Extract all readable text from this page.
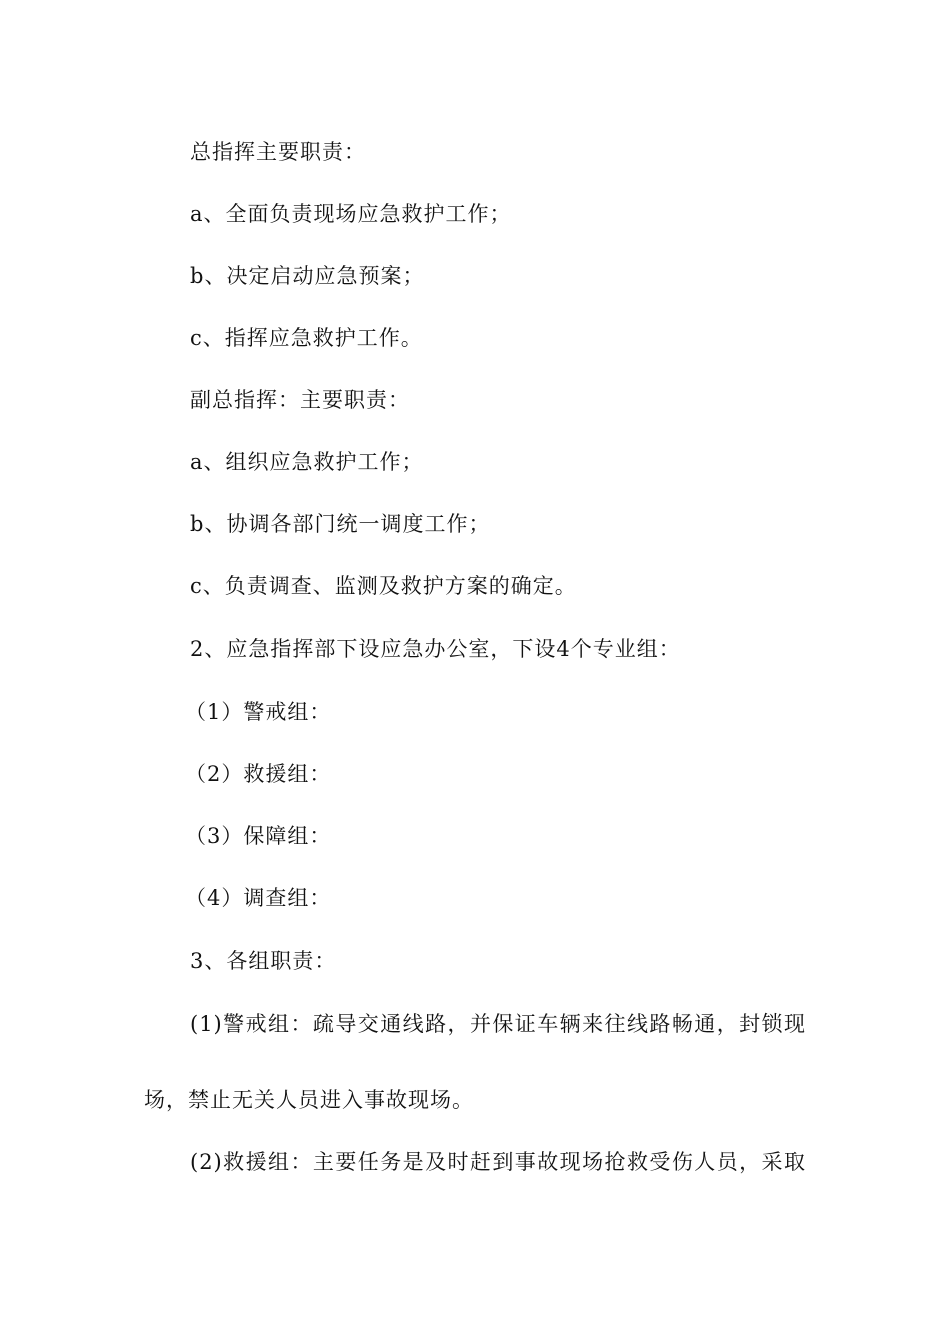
总指挥主要职责：
a、全面负责现场应急救护工作；
b、决定启动应急预案；
c、指挥应急救护工作。
副总指挥：主要职责：
a、组织应急救护工作；
b、协调各部门统一调度工作；
c、负责调查、监测及救护方案的确定。
2、应急指挥部下设应急办公室，下设4个专业组：
（1）警戒组：
（2）救援组：
（3）保障组：
（4）调查组：
3、各组职责：
(1)警戒组：疏导交通线路，并保证车辆来往线路畅通，封锁现
场，禁止无关人员进入事故现场。
(2)救援组：主要任务是及时赶到事故现场抢救受伤人员，采取
